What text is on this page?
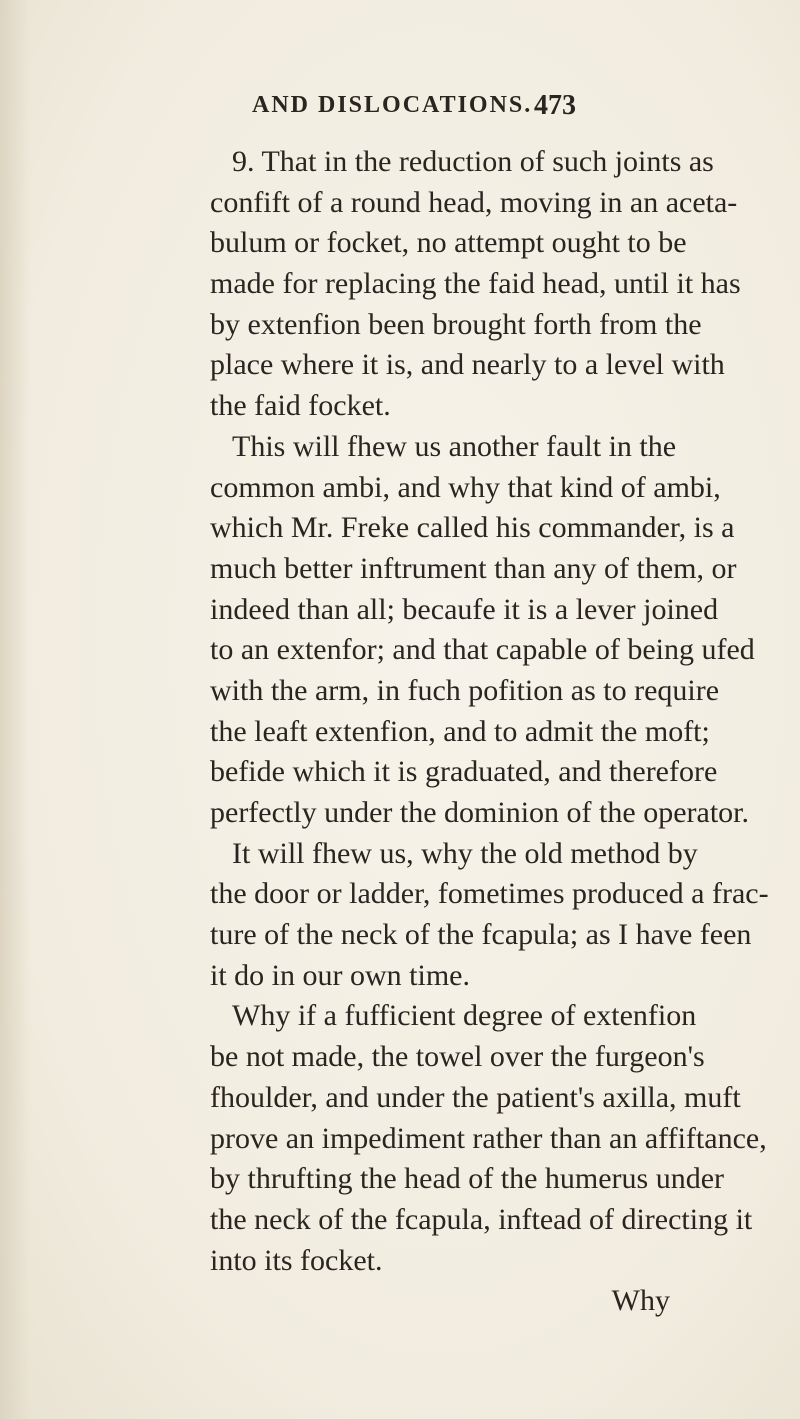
AND DISLOCATIONS. 473
9. That in the reduction of such joints as
confift of a round head, moving in an aceta-
bulum or focket, no attempt ought to be
made for replacing the faid head, until it has
by extenfion been brought forth from the
place where it is, and nearly to a level with
the faid focket.
This will fhew us another fault in the
common ambi, and why that kind of ambi,
which Mr. Freke called his commander, is a
much better inftrument than any of them, or
indeed than all; becaufe it is a lever joined
to an extenfor; and that capable of being ufed
with the arm, in fuch pofition as to require
the leaft extenfion, and to admit the moft;
befide which it is graduated, and therefore
perfectly under the dominion of the operator.
It will fhew us, why the old method by
the door or ladder, fometimes produced a frac-
ture of the neck of the fcapula; as I have feen
it do in our own time.
Why if a fufficient degree of extenfion
be not made, the towel over the furgeon's
fhoulder, and under the patient's axilla, muft
prove an impediment rather than an affiftance,
by thrufting the head of the humerus under
the neck of the fcapula, inftead of directing it
into its focket.
Why
